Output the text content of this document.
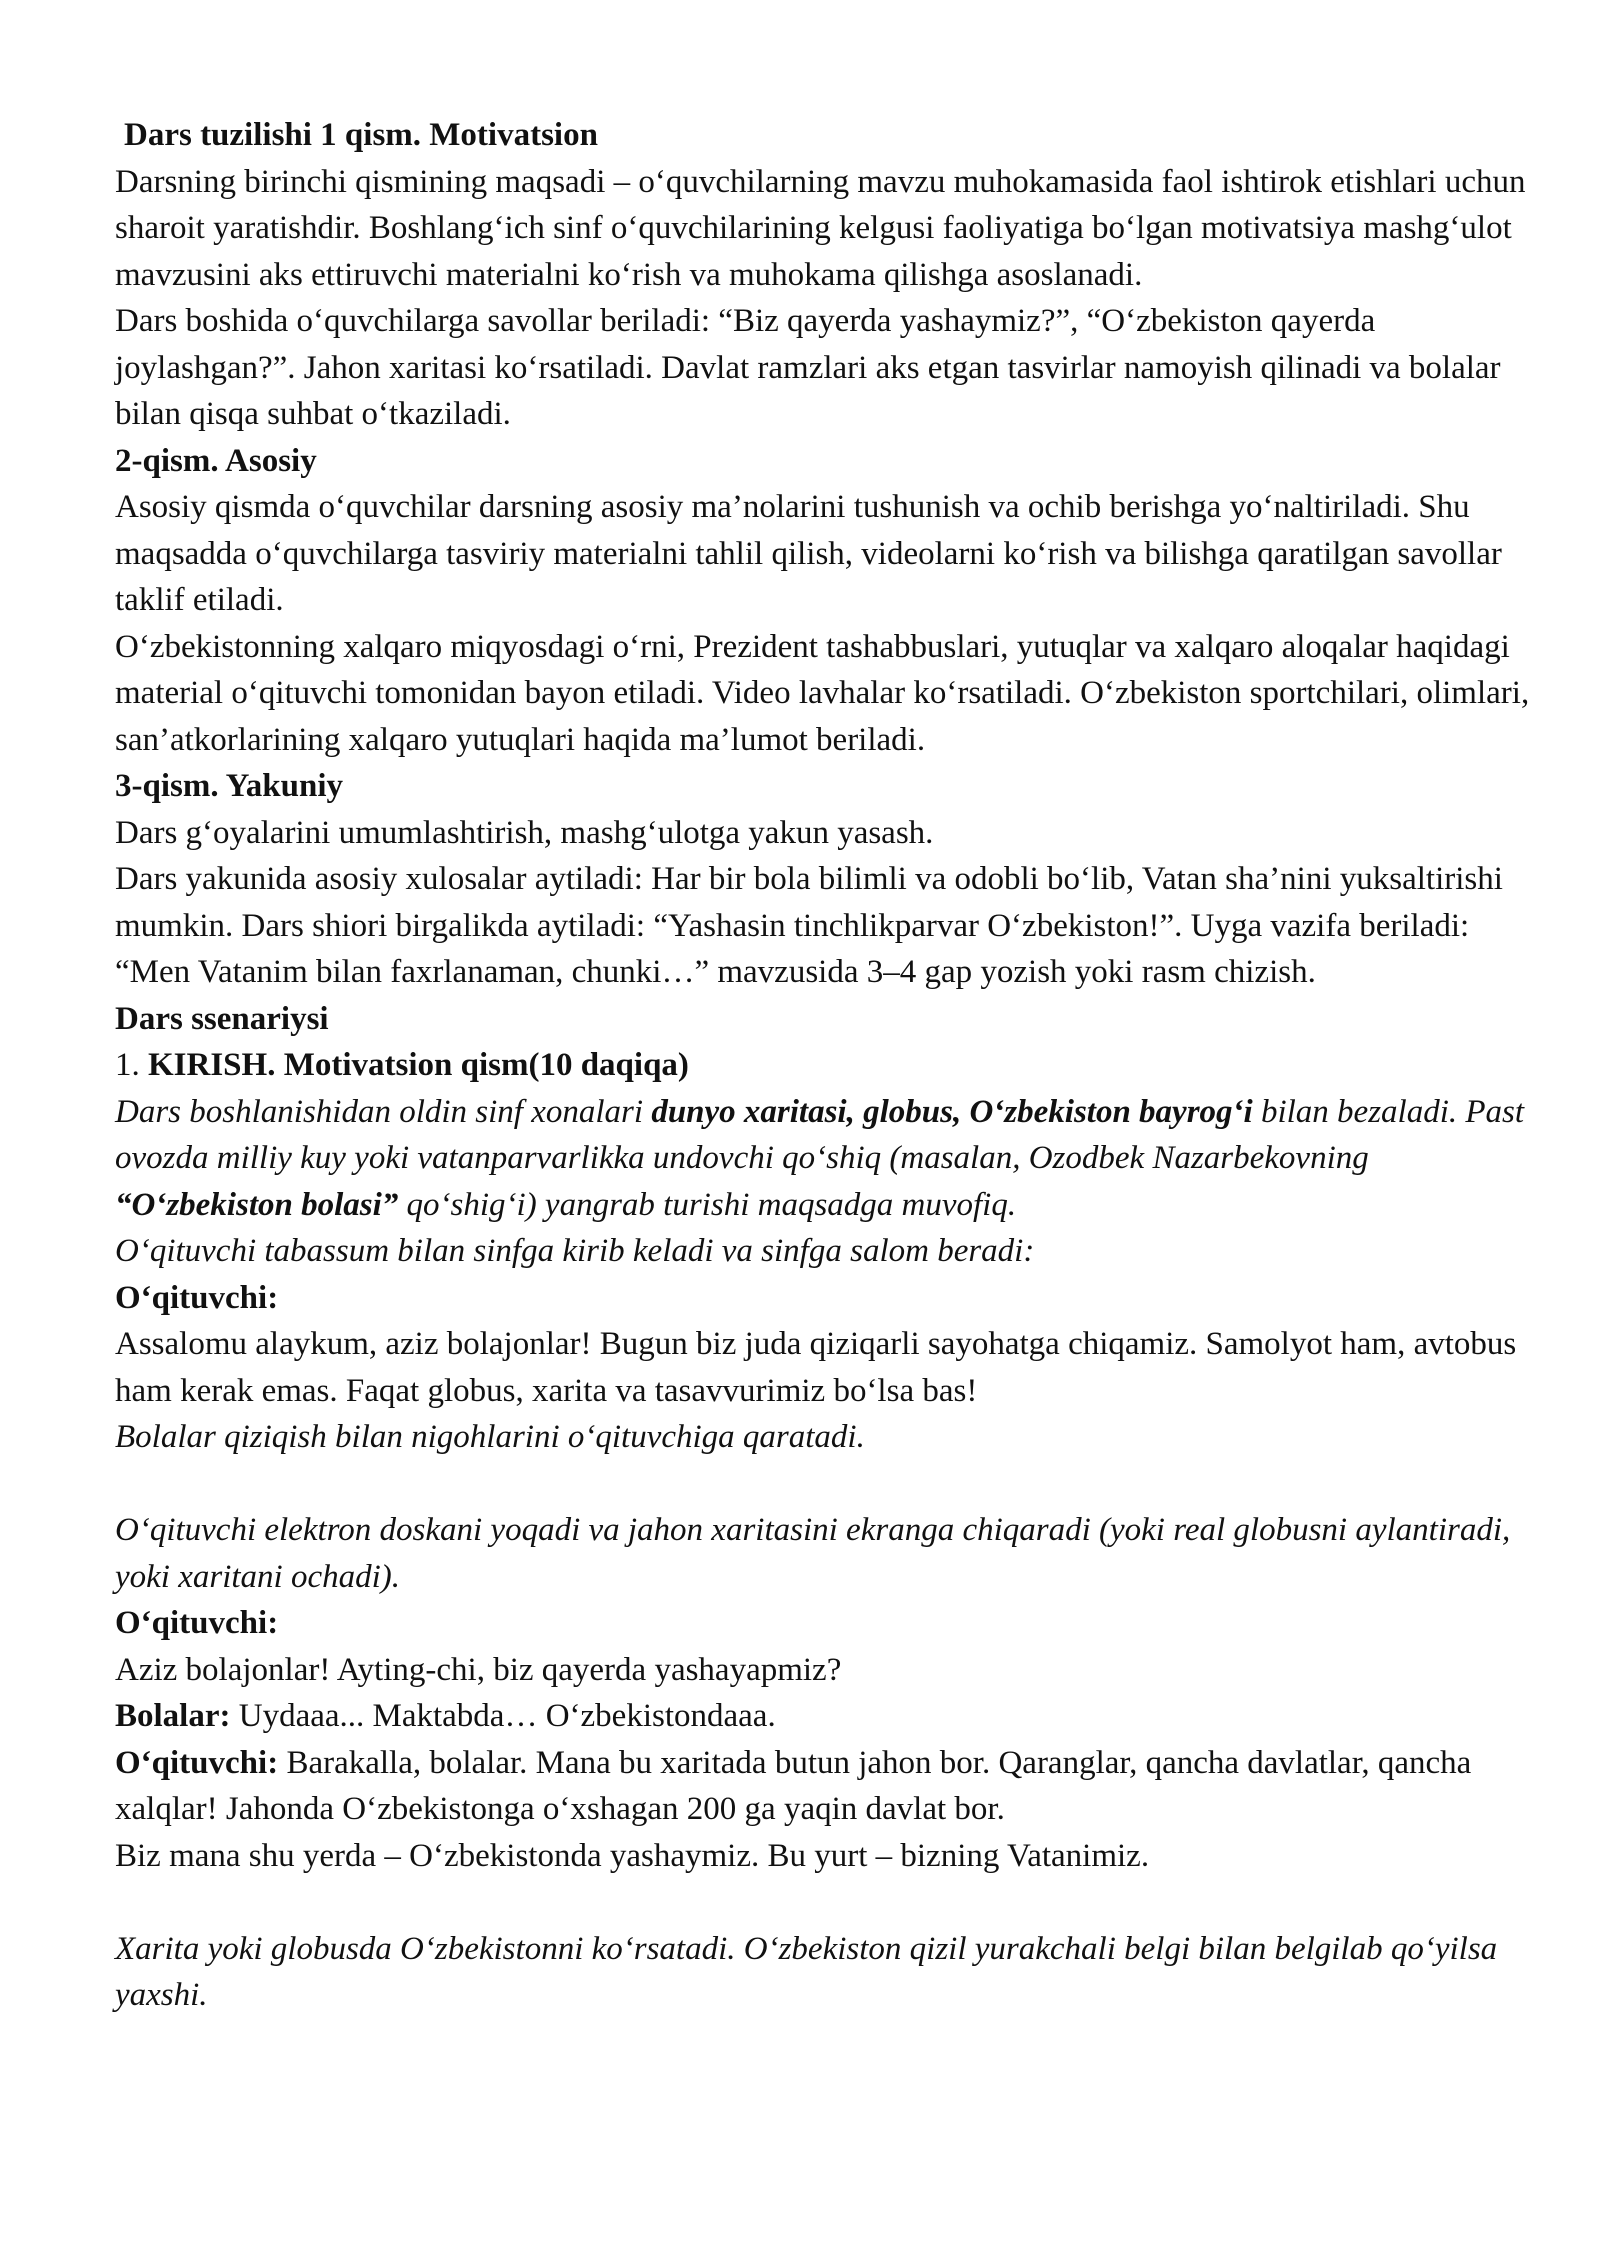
Dars tuzilishi 1 qism. Motivatsion

Darsning birinchi qismining maqsadi – o‘quvchilarning mavzu muhokamasida faol ishtirok etishlari uchun sharoit yaratishdir. Boshlang‘ich sinf o‘quvchilarining kelgusi faoliyatiga bo‘lgan motivatsiya mashg‘ulot mavzusini aks ettiruvchi materialni ko‘rish va muhokama qilishga asoslanadi.

Dars boshida o‘quvchilarga savollar beriladi: “Biz qayerda yashaymiz?”, “O‘zbekiston qayerda joylashgan?”. Jahon xaritasi ko‘rsatiladi. Davlat ramzlari aks etgan tasvirlar namoyish qilinadi va bolalar bilan qisqa suhbat o‘tkaziladi.

2-qism. Asosiy

Asosiy qismda o‘quvchilar darsning asosiy ma’nolarini tushunish va ochib berishga yo‘naltiriladi. Shu maqsadda o‘quvchilarga tasviriy materialni tahlil qilish, videolarni ko‘rish va bilishga qaratilgan savollar taklif etiladi.

O‘zbekistonning xalqaro miqyosdagi o‘rni, Prezident tashabbuslari, yutuqlar va xalqaro aloqalar haqidagi material o‘qituvchi tomonidan bayon etiladi. Video lavhalar ko‘rsatiladi. O‘zbekiston sportchilari, olimlari, san’atkorlarining xalqaro yutuqlari haqida ma’lumot beriladi.

3-qism. Yakuniy

Dars g‘oyalarini umumlashtirish, mashg‘ulotga yakun yasash.

Dars yakunida asosiy xulosalar aytiladi: Har bir bola bilimli va odobli bo‘lib, Vatan sha’nini yuksaltirishi mumkin. Dars shiori birgalikda aytiladi: “Yashasin tinchlikparvar O‘zbekiston!”. Uyga vazifa beriladi: “Men Vatanim bilan faxrlanaman, chunki…” mavzusida 3–4 gap yozish yoki rasm chizish.

Dars ssenariysi

1. KIRISH. Motivatsion qism(10 daqiqa)

Dars boshlanishidan oldin sinf xonalari dunyo xaritasi, globus, O‘zbekiston bayrog‘i bilan bezaladi. Past ovozda milliy kuy yoki vatanparvarlikka undovchi qo‘shiq (masalan, Ozodbek Nazarbekovning “O‘zbekiston bolasi” qo‘shig‘i) yangrab turishi maqsadga muvofiq.

O‘qituvchi tabassum bilan sinfga kirib keladi va sinfga salom beradi:

O‘qituvchi:

Assalomu alaykum, aziz bolajonlar! Bugun biz juda qiziqarli sayohatga chiqamiz. Samolyot ham, avtobus ham kerak emas. Faqat globus, xarita va tasavvurimiz bo‘lsa bas!

Bolalar qiziqish bilan nigohlarini o‘qituvchiga qaratadi.

O‘qituvchi elektron doskani yoqadi va jahon xaritasini ekranga chiqaradi (yoki real globusni aylantiradi, yoki xaritani ochadi).

O‘qituvchi:

Aziz bolajonlar! Ayting-chi, biz qayerda yashayapmiz?

Bolalar: Uydaaa... Maktabda… O‘zbekistondaaa.

O‘qituvchi: Barakalla, bolalar. Mana bu xaritada butun jahon bor. Qaranglar, qancha davlatlar, qancha xalqlar! Jahonda O‘zbekistonga o‘xshagan 200 ga yaqin davlat bor.

Biz mana shu yerda – O‘zbekistonda yashaymiz. Bu yurt – bizning Vatanimiz.

Xarita yoki globusda O‘zbekistonni ko‘rsatadi. O‘zbekiston qizil yurakchali belgi bilan belgilab qo‘yilsa yaxshi.
